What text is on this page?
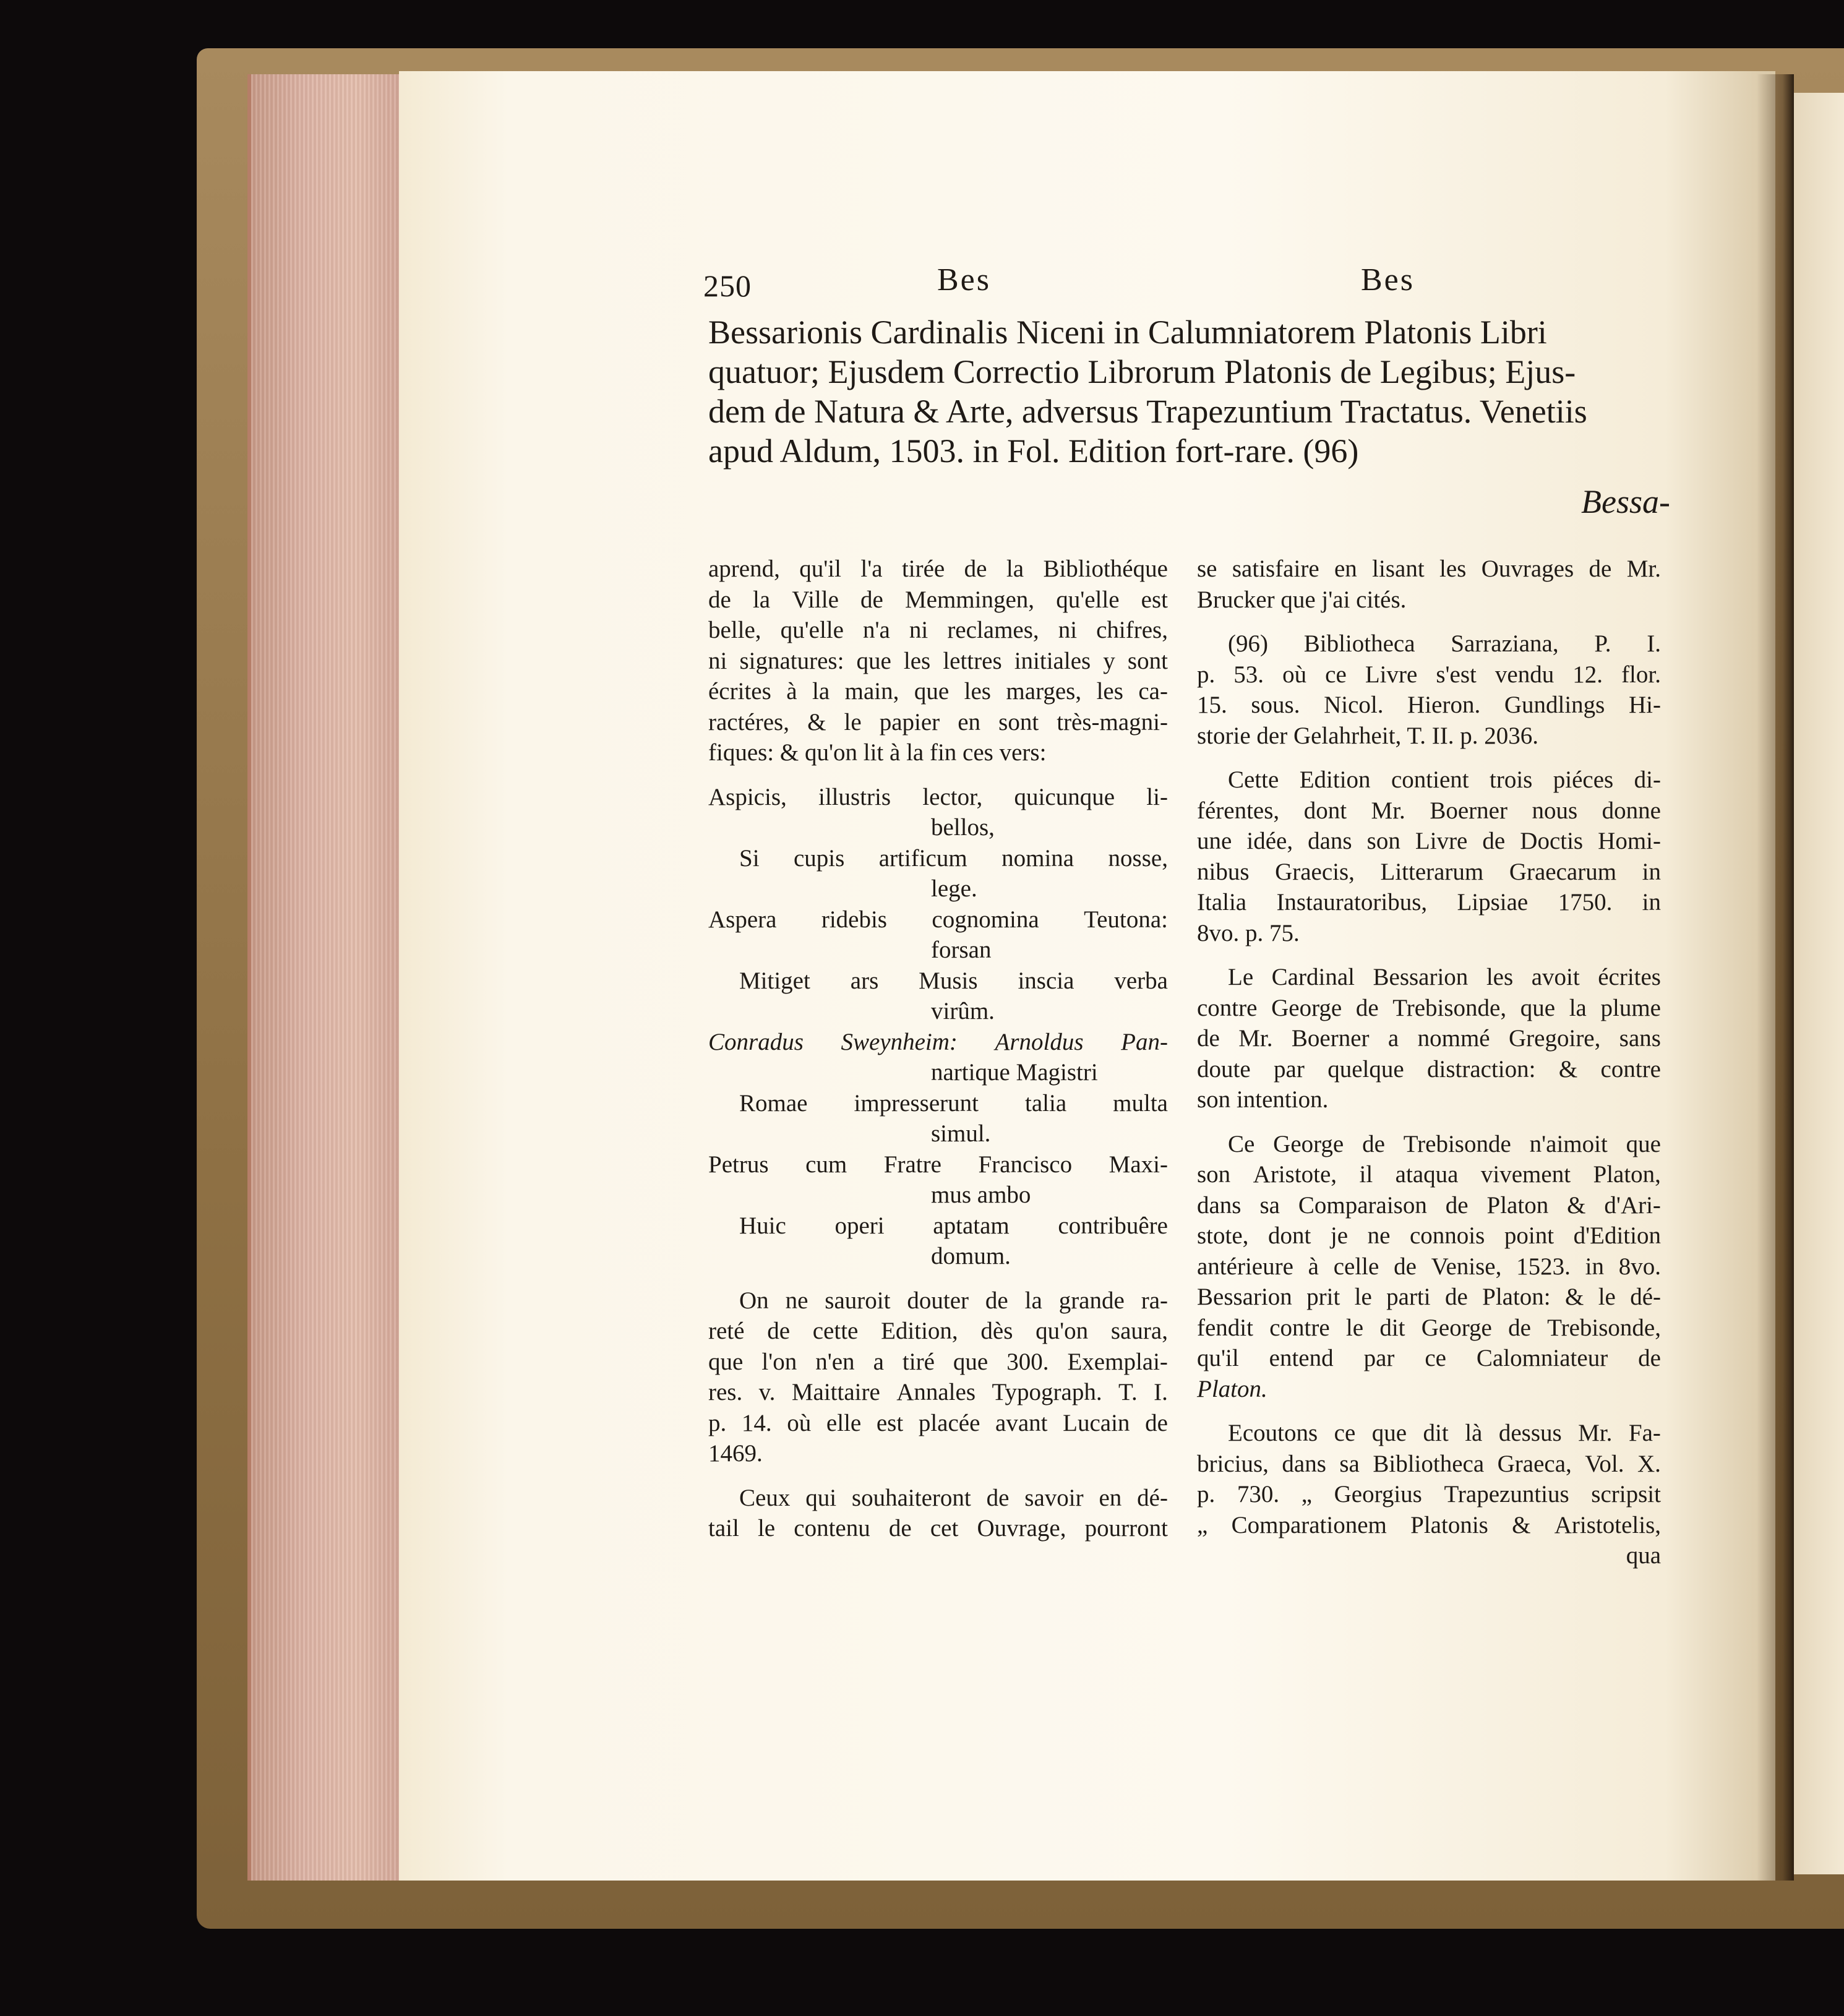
250	Bes	Bes
Bessarionis Cardinalis Niceni in Calumniatorem Platonis Libri
quatuor; Ejusdem Correctio Librorum Platonis de Legibus; Ejus-
dem de Natura & Arte, adversus Trapezuntium Tractatus. Venetiis
apud Aldum, 1503. in Fol. Edition fort-rare. (96)
Bessa-
aprend, qu'il l'a tirée de la Bibliothéque
de la Ville de Memmingen, qu'elle est
belle, qu'elle n'a ni reclames, ni chifres,
ni signatures: que les lettres initiales y sont
écrites à la main, que les marges, les ca-
ractéres, & le papier en sont très-magni-
fiques: & qu'on lit à la fin ces vers:
Aspicis, illustris lector, quicunque li-
bellos,
Si cupis artificum nomina nosse,
lege.
Aspera ridebis cognomina Teutona:
forsan
Mitiget ars Musis inscia verba
virûm.
Conradus Sweynheim: Arnoldus Pan-
nartique Magistri
Romae impresserunt talia multa
simul.
Petrus cum Fratre Francisco Maxi-
mus ambo
Huic operi aptatam contribuêre
domum.
On ne sauroit douter de la grande ra-
reté de cette Edition, dès qu'on saura,
que l'on n'en a tiré que 300. Exemplai-
res. v. Maittaire Annales Typograph. T. I.
p. 14. où elle est placée avant Lucain de
1469.
Ceux qui souhaiteront de savoir en dé-
tail le contenu de cet Ouvrage, pourront
se satisfaire en lisant les Ouvrages de Mr.
Brucker que j'ai cités.
(96) Bibliotheca Sarraziana, P. I.
p. 53. où ce Livre s'est vendu 12. flor.
15. sous. Nicol. Hieron. Gundlings Hi-
storie der Gelahrheit, T. II. p. 2036.
Cette Edition contient trois piéces di-
férentes, dont Mr. Boerner nous donne
une idée, dans son Livre de Doctis Homi-
nibus Graecis, Litterarum Graecarum in
Italia Instauratoribus, Lipsiae 1750. in
8vo. p. 75.
Le Cardinal Bessarion les avoit écrites
contre George de Trebisonde, que la plume
de Mr. Boerner a nommé Gregoire, sans
doute par quelque distraction: & contre
son intention.
Ce George de Trebisonde n'aimoit que
son Aristote, il ataqua vivement Platon,
dans sa Comparaison de Platon & d'Ari-
stote, dont je ne connois point d'Edition
antérieure à celle de Venise, 1523. in 8vo.
Bessarion prit le parti de Platon: & le dé-
fendit contre le dit George de Trebisonde,
qu'il entend par ce Calomniateur de
Platon.
Ecoutons ce que dit là dessus Mr. Fa-
bricius, dans sa Bibliotheca Graeca, Vol. X.
p. 730. „ Georgius Trapezuntius scripsit
„ Comparationem Platonis & Aristotelis,
qua
